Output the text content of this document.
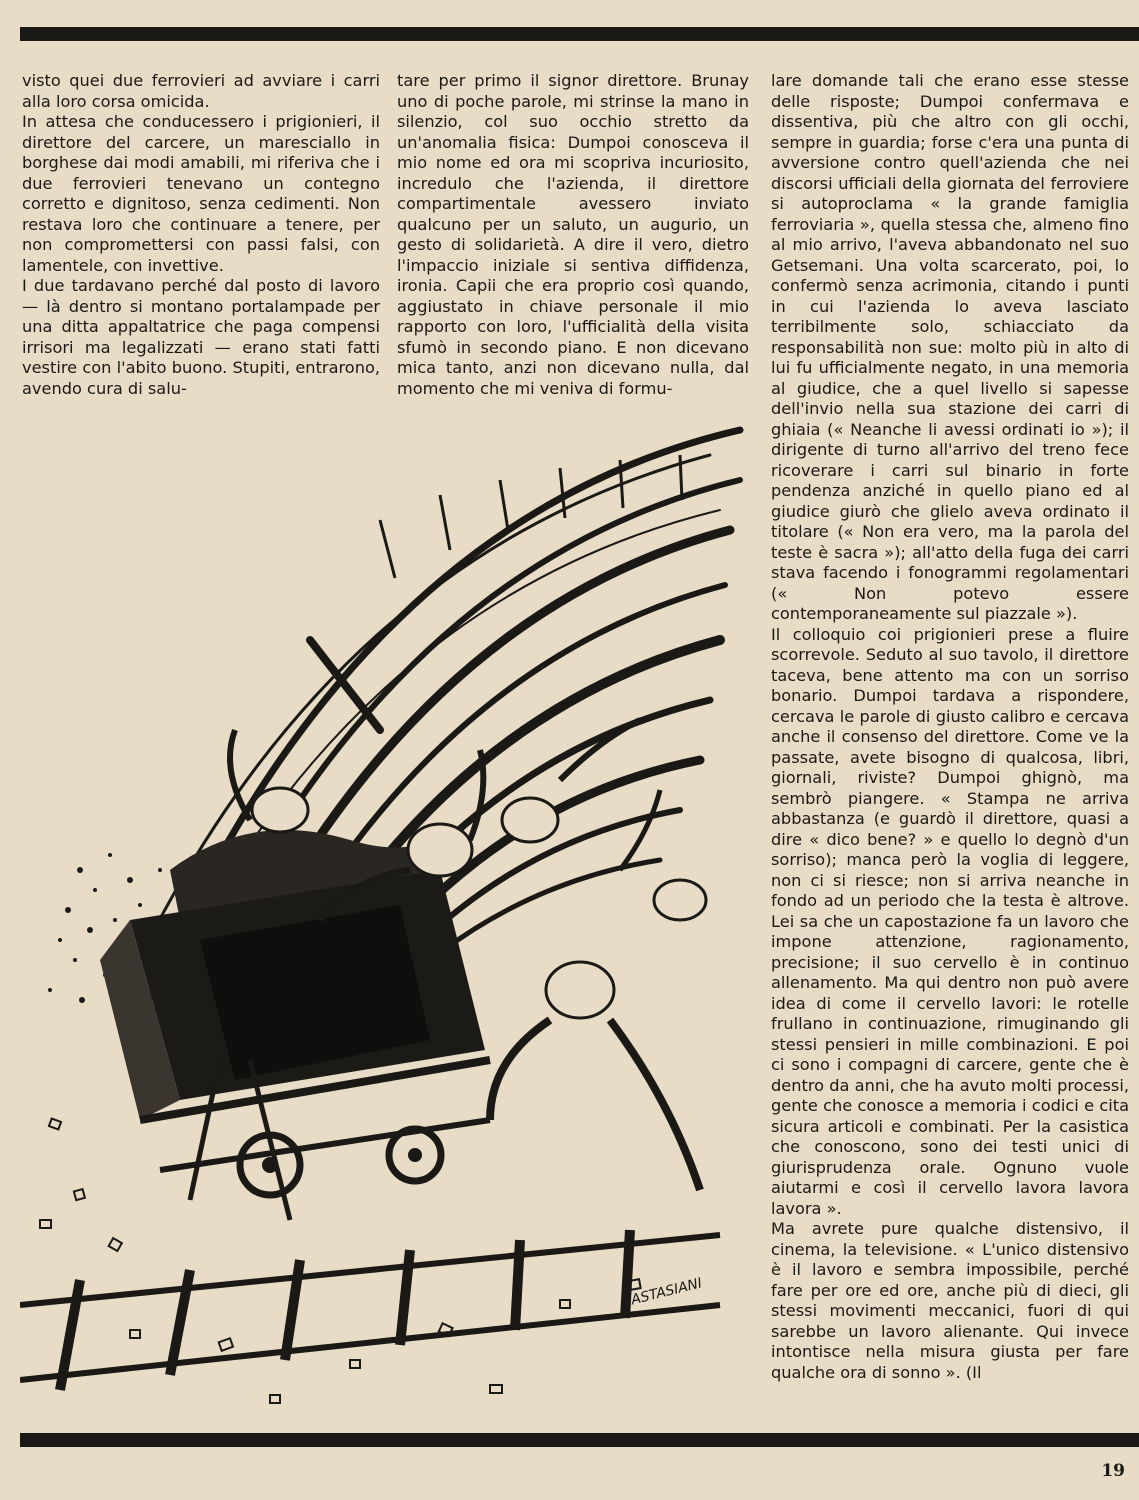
visto quei due ferrovieri ad avviare i carri alla loro corsa omicida.

In attesa che conducessero i prigionieri, il direttore del carcere, un maresciallo in borghese dai modi amabili, mi riferiva che i due ferrovieri tenevano un contegno corretto e dignitoso, senza cedimenti. Non restava loro che continuare a tenere, per non compromettersi con passi falsi, con lamentele, con invettive.

I due tardavano perché dal posto di lavoro — là dentro si montano portalampade per una ditta appaltatrice che paga compensi irrisori ma legalizzati — erano stati fatti vestire con l'abito buono. Stupiti, entrarono, avendo cura di salu-

tare per primo il signor direttore. Brunay uno di poche parole, mi strinse la mano in silenzio, col suo occhio stretto da un'anomalia fisica: Dumpoi conosceva il mio nome ed ora mi scopriva incuriosito, incredulo che l'azienda, il direttore compartimentale avessero inviato qualcuno per un saluto, un augurio, un gesto di solidarietà. A dire il vero, dietro l'impaccio iniziale si sentiva diffidenza, ironia. Capii che era proprio così quando, aggiustato in chiave personale il mio rapporto con loro, l'ufficialità della visita sfumò in secondo piano. E non dicevano mica tanto, anzi non dicevano nulla, dal momento che mi veniva di formu-

lare domande tali che erano esse stesse delle risposte; Dumpoi confermava e dissentiva, più che altro con gli occhi, sempre in guardia; forse c'era una punta di avversione contro quell'azienda che nei discorsi ufficiali della giornata del ferroviere si autoproclama « la grande famiglia ferroviaria », quella stessa che, almeno fino al mio arrivo, l'aveva abbandonato nel suo Getsemani. Una volta scarcerato, poi, lo confermò senza acrimonia, citando i punti in cui l'azienda lo aveva lasciato terribilmente solo, schiacciato da responsabilità non sue: molto più in alto di lui fu ufficialmente negato, in una memoria al giudice, che a quel livello si sapesse dell'invio nella sua stazione dei carri di ghiaia (« Neanche li avessi ordinati io »); il dirigente di turno all'arrivo del treno fece ricoverare i carri sul binario in forte pendenza anziché in quello piano ed al giudice giurò che glielo aveva ordinato il titolare (« Non era vero, ma la parola del teste è sacra »); all'atto della fuga dei carri stava facendo i fonogrammi regolamentari (« Non potevo essere contemporaneamente sul piazzale »).

Il colloquio coi prigionieri prese a fluire scorrevole. Seduto al suo tavolo, il direttore taceva, bene attento ma con un sorriso bonario. Dumpoi tardava a rispondere, cercava le parole di giusto calibro e cercava anche il consenso del direttore. Come ve la passate, avete bisogno di qualcosa, libri, giornali, riviste? Dumpoi ghignò, ma sembrò piangere. « Stampa ne arriva abbastanza (e guardò il direttore, quasi a dire « dico bene? » e quello lo degnò d'un sorriso); manca però la voglia di leggere, non ci si riesce; non si arriva neanche in fondo ad un periodo che la testa è altrove. Lei sa che un capostazione fa un lavoro che impone attenzione, ragionamento, precisione; il suo cervello è in continuo allenamento. Ma qui dentro non può avere idea di come il cervello lavori: le rotelle frullano in continuazione, rimuginando gli stessi pensieri in mille combinazioni. E poi ci sono i compagni di carcere, gente che è dentro da anni, che ha avuto molti processi, gente che conosce a memoria i codici e cita sicura articoli e combinati. Per la casistica che conoscono, sono dei testi unici di giurisprudenza orale. Ognuno vuole aiutarmi e così il cervello lavora lavora lavora ».

Ma avrete pure qualche distensivo, il cinema, la televisione. « L'unico distensivo è il lavoro e sembra impossibile, perché fare per ore ed ore, anche più di dieci, gli stessi movimenti meccanici, fuori di qui sarebbe un lavoro alienante. Qui invece intontisce nella misura giusta per fare qualche ora di sonno ». (Il

ASTASIANI
19
